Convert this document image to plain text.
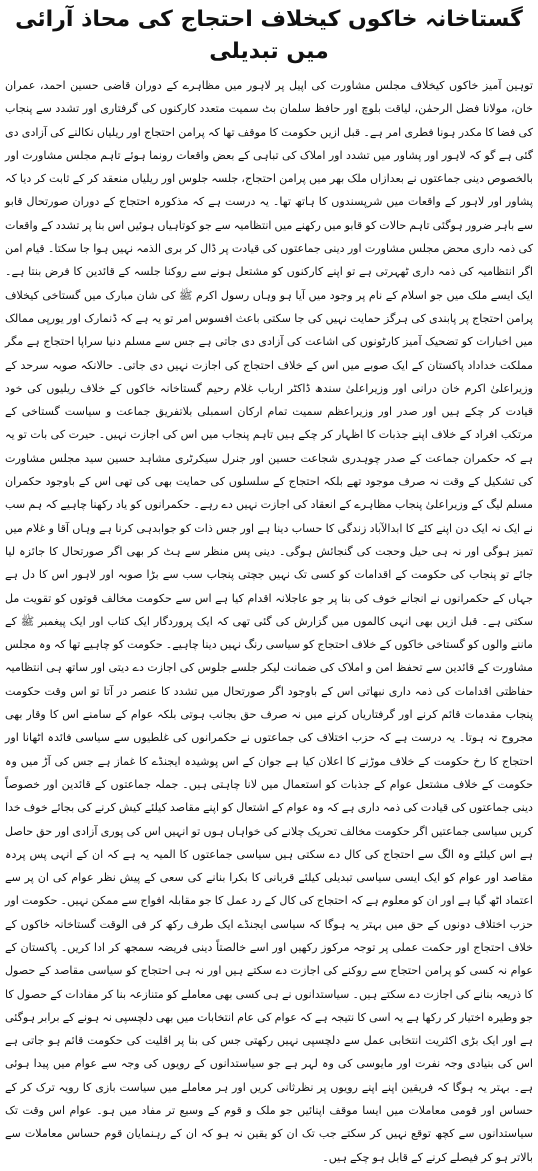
گستاخانہ خاکوں کیخلاف احتجاج کی محاذ آرائی میں تبدیلی

توہین آمیز خاکوں کیخلاف مجلس مشاورت کی اپیل پر لاہور میں مظاہرے کے دوران قاضی حسین احمد، عمران خان، مولانا فضل الرحمٰن، لیاقت بلوچ اور حافظ سلمان بٹ سمیت متعدد کارکنوں کی گرفتاری اور تشدد سے پنجاب کی فضا کا مکدر ہونا فطری امر ہے۔ قبل ازیں حکومت کا موقف تھا کہ پرامن احتجاج اور ریلیاں نکالنے کی آزادی دی گئی ہے گو کہ لاہور اور پشاور میں تشدد اور املاک کی تباہی کے بعض واقعات رونما ہوئے تاہم مجلس مشاورت اور بالخصوص دینی جماعتوں نے بعدازاں ملک بھر میں پرامن احتجاج، جلسہ جلوس اور ریلیاں منعقد کر کے ثابت کر دیا کہ پشاور اور لاہور کے واقعات میں شرپسندوں کا ہاتھ تھا۔ یہ درست ہے کہ مذکورہ احتجاج کے دوران صورتحال قابو سے باہر ضرور ہوگئی تاہم حالات کو قابو میں رکھنے میں انتظامیہ سے جو کوتاہیاں ہوئیں اس بنا پر تشدد کے واقعات کی ذمہ داری محض مجلس مشاورت اور دینی جماعتوں کی قیادت پر ڈال کر بری الذمہ نہیں ہوا جا سکتا۔ قیام امن اگر انتظامیہ کی ذمہ داری ٹھہرتی ہے تو اپنے کارکنوں کو مشتعل ہونے سے روکنا جلسہ کے قائدین کا فرض بنتا ہے۔ ایک ایسے ملک میں جو اسلام کے نام پر وجود میں آیا ہو وہاں رسول اکرم ﷺ کی شان مبارک میں گستاخی کیخلاف پرامن احتجاج پر پابندی کی ہرگز حمایت نہیں کی جا سکتی باعث افسوس امر تو یہ ہے کہ ڈنمارک اور یورپی ممالک میں اخبارات کو تضحیک آمیز کارٹونوں کی اشاعت کی آزادی دی جاتی ہے جس سے مسلم دنیا سراپا احتجاج ہے مگر مملکت خداداد پاکستان کے ایک صوبے میں اس کے خلاف احتجاج کی اجازت نہیں دی جاتی۔ حالانکہ صوبہ سرحد کے وزیراعلیٰ اکرم خان درانی اور وزیراعلیٰ سندھ ڈاکٹر ارباب غلام رحیم گستاخانہ خاکوں کے خلاف ریلیوں کی خود قیادت کر چکے ہیں اور صدر اور وزیراعظم سمیت تمام ارکان اسمبلی بلاتفریق جماعت و سیاست گستاخی کے مرتکب افراد کے خلاف اپنے جذبات کا اظہار کر چکے ہیں تاہم پنجاب میں اس کی اجازت نہیں۔ حیرت کی بات تو یہ ہے کہ حکمران جماعت کے صدر چوہدری شجاعت حسین اور جنرل سیکرٹری مشاہد حسین سید مجلس مشاورت کی تشکیل کے وقت نہ صرف موجود تھے بلکہ احتجاج کے سلسلوں کی حمایت بھی کی تھی اس کے باوجود حکمران مسلم لیگ کے وزیراعلیٰ پنجاب مظاہرے کے انعقاد کی اجازت نہیں دے رہے۔ حکمرانوں کو یاد رکھنا چاہیے کہ ہم سب نے ایک نہ ایک دن اپنے کئے کا ابدالآباد زندگی کا حساب دینا ہے اور جس ذات کو جوابدہی کرنا ہے وہاں آقا و غلام میں تمیز ہوگی اور نہ ہی حیل وحجت کی گنجائش ہوگی۔ دینی پس منظر سے ہٹ کر بھی اگر صورتحال کا جائزہ لیا جائے تو پنجاب کی حکومت کے اقدامات کو کسی تک نہیں جچتی پنجاب سب سے بڑا صوبہ اور لاہور اس کا دل ہے جہاں کے حکمرانوں نے انجانے خوف کی بنا پر جو عاجلانہ اقدام کیا ہے اس سے حکومت مخالف قوتوں کو تقویت مل سکتی ہے۔ قبل ازیں بھی انہی کالموں میں گزارش کی گئی تھی کہ ایک پروردگار ایک کتاب اور ایک پیغمبر ﷺ کے ماننے والوں کو گستاخی خاکوں کے خلاف احتجاج کو سیاسی رنگ نہیں دینا چاہیے۔ حکومت کو چاہیے تھا کہ وہ مجلس مشاورت کے قائدین سے تحفظ امن و املاک کی ضمانت لیکر جلسے جلوس کی اجازت دے دیتی اور ساتھ ہی انتظامیہ حفاظتی اقدامات کی ذمہ داری نبھاتی اس کے باوجود اگر صورتحال میں تشدد کا عنصر در آتا تو اس وقت حکومت پنجاب مقدمات قائم کرنے اور گرفتاریاں کرنے میں نہ صرف حق بجانب ہوتی بلکہ عوام کے سامنے اس کا وقار بھی مجروح نہ ہوتا۔ یہ درست ہے کہ حزب اختلاف کی جماعتوں نے حکمرانوں کی غلطیوں سے سیاسی فائدہ اٹھانا اور احتجاج کا رخ حکومت کے خلاف موڑنے کا اعلان کیا ہے جوان کے اس پوشیدہ ایجنڈے کا غماز ہے جس کی آڑ میں وہ حکومت کے خلاف مشتعل عوام کے جذبات کو استعمال میں لانا چاہتی ہیں۔ جملہ جماعتوں کے قائدین اور خصوصاً دینی جماعتوں کی قیادت کی ذمہ داری ہے کہ وہ عوام کے اشتعال کو اپنے مقاصد کیلئے کیش کرنے کی بجائے خوف خدا کریں سیاسی جماعتیں اگر حکومت مخالف تحریک چلانے کی خواہاں ہوں تو انہیں اس کی پوری آزادی اور حق حاصل ہے اس کیلئے وہ الگ سے احتجاج کی کال دے سکتی ہیں سیاسی جماعتوں کا المیہ یہ ہے کہ ان کے انہی پس پردہ مقاصد اور عوام کو ایک ایسی سیاسی تبدیلی کیلئے قربانی کا بکرا بنانے کی سعی کے پیش نظر عوام کی ان پر سے اعتماد اٹھ گیا ہے اور ان کو معلوم ہے کہ احتجاج کی کال کے رد عمل کا جو مقابلہ افواج سے ممکن نہیں۔ حکومت اور حزب اختلاف دونوں کے حق میں بہتر یہ ہوگا کہ سیاسی ایجنڈے ایک طرف رکھ کر فی الوقت گستاخانہ خاکوں کے خلاف احتجاج اور حکمت عملی پر توجہ مرکوز رکھیں اور اسے خالصتاً دینی فریضہ سمجھ کر ادا کریں۔ پاکستان کے عوام نہ کسی کو پرامن احتجاج سے روکنے کی اجازت دے سکتے ہیں اور نہ ہی احتجاج کو سیاسی مقاصد کے حصول کا ذریعہ بنانے کی اجازت دے سکتے ہیں۔ سیاستدانوں نے ہی کسی بھی معاملے کو متنازعہ بنا کر مفادات کے حصول کا جو وطیرہ اختیار کر رکھا ہے یہ اسی کا نتیجہ ہے کہ عوام کی عام انتخابات میں بھی دلچسپی نہ ہونے کے برابر ہوگئی ہے اور ایک بڑی اکثریت انتخابی عمل سے دلچسپی نہیں رکھتی جس کی بنا پر اقلیت کی حکومت قائم ہو جاتی ہے اس کی بنیادی وجہ نفرت اور مایوسی کی وہ لہر ہے جو سیاستدانوں کے رویوں کی وجہ سے عوام میں پیدا ہوئی ہے۔ بہتر یہ ہوگا کہ فریقین اپنے اپنے رویوں پر نظرثانی کریں اور ہر معاملے میں سیاست بازی کا رویہ ترک کر کے حساس اور قومی معاملات میں ایسا موقف اپنائیں جو ملک و قوم کے وسیع تر مفاد میں ہو۔ عوام اس وقت تک سیاستدانوں سے کچھ توقع نہیں کر سکتے جب تک ان کو یقین نہ ہو کہ ان کے رہنمایان قوم حساس معاملات سے بالاتر ہو کر فیصلے کرنے کے قابل ہو چکے ہیں۔
